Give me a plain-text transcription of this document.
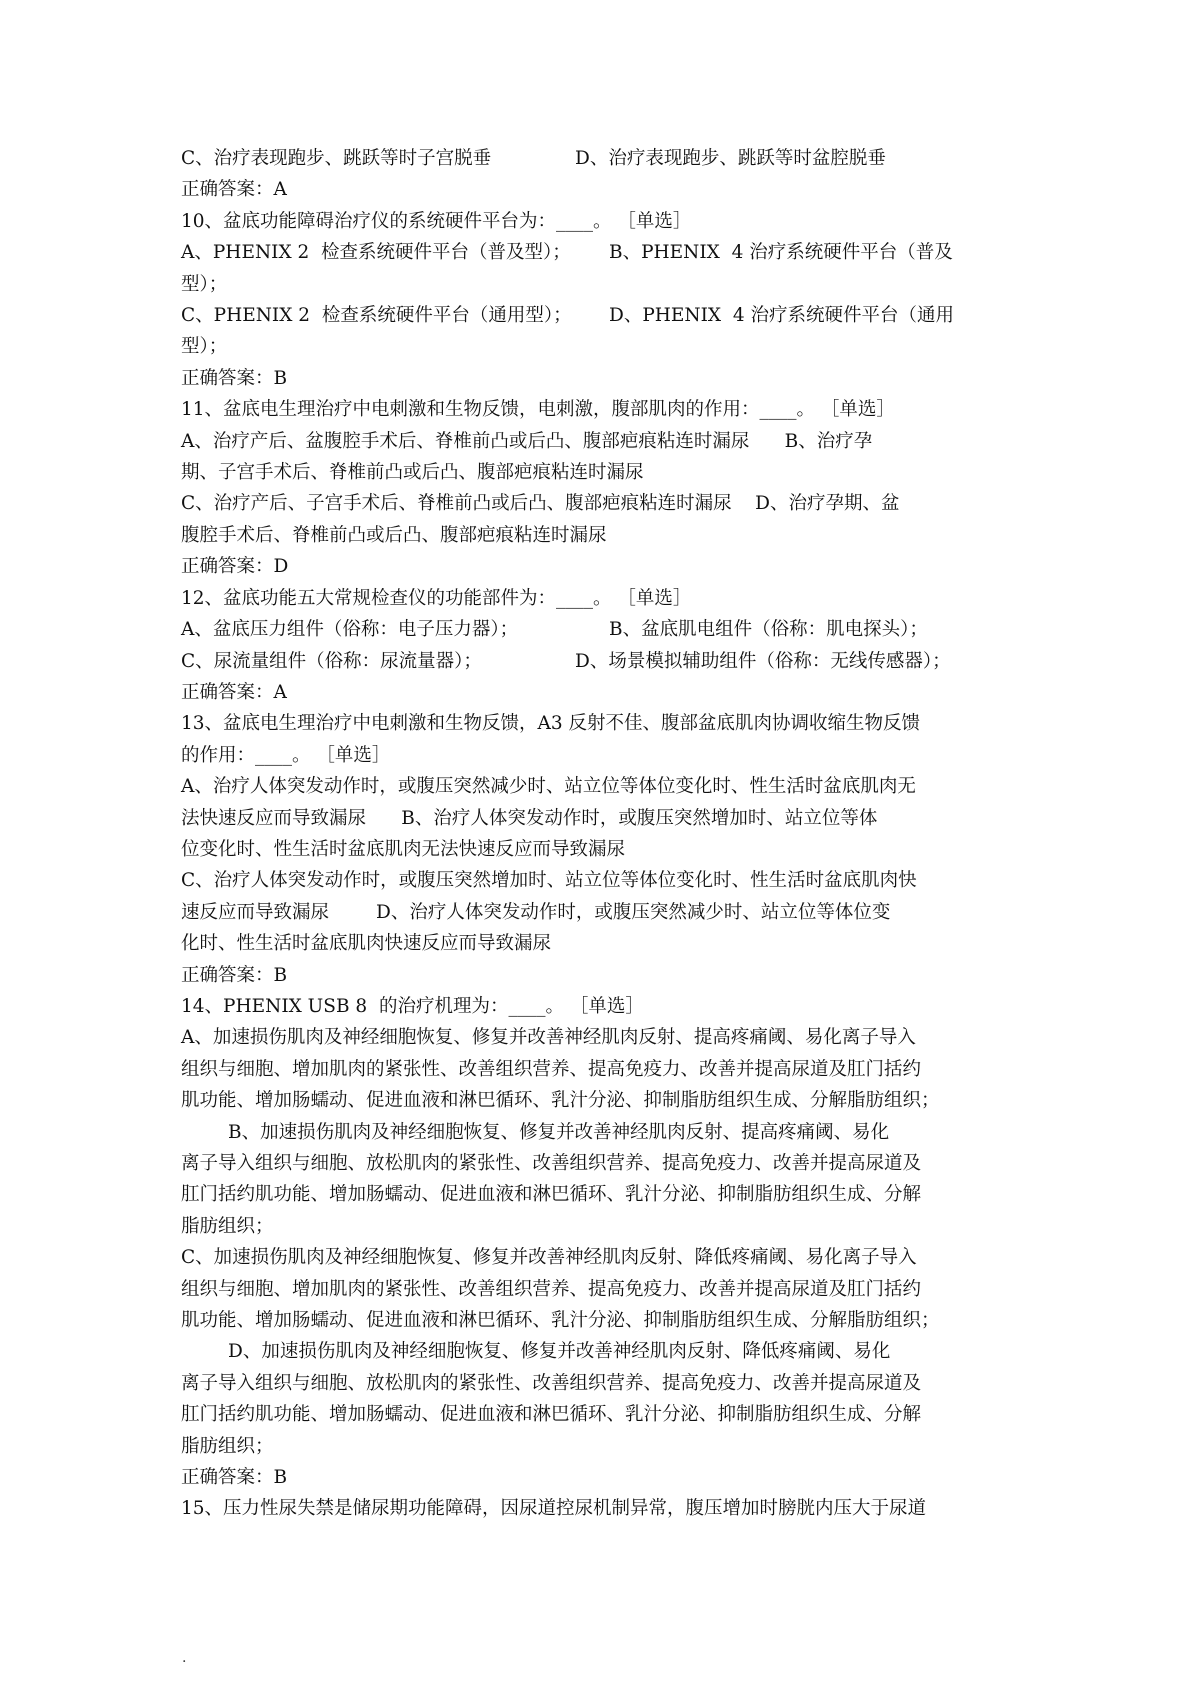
C、治疗表现跑步、跳跃等时子宫脱垂	D、治疗表现跑步、跳跃等时盆腔脱垂
正确答案：A
10、盆底功能障碍治疗仪的系统硬件平台为：____。 ［单选］
A、PHENIX 2  检查系统硬件平台（普及型）；	B、PHENIX  4 治疗系统硬件平台（普及
型）；
C、PHENIX 2  检查系统硬件平台（通用型）；	D、PHENIX  4 治疗系统硬件平台（通用
型）；
正确答案：B
11、盆底电生理治疗中电刺激和生物反馈，电刺激，腹部肌肉的作用：____。 ［单选］
A、治疗产后、盆腹腔手术后、脊椎前凸或后凸、腹部疤痕粘连时漏尿      B、治疗孕
期、子宫手术后、脊椎前凸或后凸、腹部疤痕粘连时漏尿
C、治疗产后、子宫手术后、脊椎前凸或后凸、腹部疤痕粘连时漏尿    D、治疗孕期、盆
腹腔手术后、脊椎前凸或后凸、腹部疤痕粘连时漏尿
正确答案：D
12、盆底功能五大常规检查仪的功能部件为：____。 ［单选］
A、盆底压力组件（俗称：电子压力器）；	B、盆底肌电组件（俗称：肌电探头）；
C、尿流量组件（俗称：尿流量器）；	D、场景模拟辅助组件（俗称：无线传感器）；
正确答案：A
13、盆底电生理治疗中电刺激和生物反馈，A3 反射不佳、腹部盆底肌肉协调收缩生物反馈
的作用：____。 ［单选］
A、治疗人体突发动作时，或腹压突然减少时、站立位等体位变化时、性生活时盆底肌肉无
法快速反应而导致漏尿      B、治疗人体突发动作时，或腹压突然增加时、站立位等体
位变化时、性生活时盆底肌肉无法快速反应而导致漏尿
C、治疗人体突发动作时，或腹压突然增加时、站立位等体位变化时、性生活时盆底肌肉快
速反应而导致漏尿        D、治疗人体突发动作时，或腹压突然减少时、站立位等体位变
化时、性生活时盆底肌肉快速反应而导致漏尿
正确答案：B
14、PHENIX USB 8  的治疗机理为：____。 ［单选］
A、加速损伤肌肉及神经细胞恢复、修复并改善神经肌肉反射、提高疼痛阈、易化离子导入
组织与细胞、增加肌肉的紧张性、改善组织营养、提高免疫力、改善并提高尿道及肛门括约
肌功能、增加肠蠕动、促进血液和淋巴循环、乳汁分泌、抑制脂肪组织生成、分解脂肪组织；
B、加速损伤肌肉及神经细胞恢复、修复并改善神经肌肉反射、提高疼痛阈、易化
离子导入组织与细胞、放松肌肉的紧张性、改善组织营养、提高免疫力、改善并提高尿道及
肛门括约肌功能、增加肠蠕动、促进血液和淋巴循环、乳汁分泌、抑制脂肪组织生成、分解
脂肪组织；
C、加速损伤肌肉及神经细胞恢复、修复并改善神经肌肉反射、降低疼痛阈、易化离子导入
组织与细胞、增加肌肉的紧张性、改善组织营养、提高免疫力、改善并提高尿道及肛门括约
肌功能、增加肠蠕动、促进血液和淋巴循环、乳汁分泌、抑制脂肪组织生成、分解脂肪组织；
D、加速损伤肌肉及神经细胞恢复、修复并改善神经肌肉反射、降低疼痛阈、易化
离子导入组织与细胞、放松肌肉的紧张性、改善组织营养、提高免疫力、改善并提高尿道及
肛门括约肌功能、增加肠蠕动、促进血液和淋巴循环、乳汁分泌、抑制脂肪组织生成、分解
脂肪组织；
正确答案：B
15、压力性尿失禁是储尿期功能障碍，因尿道控尿机制异常，腹压增加时膀胱内压大于尿道
.
